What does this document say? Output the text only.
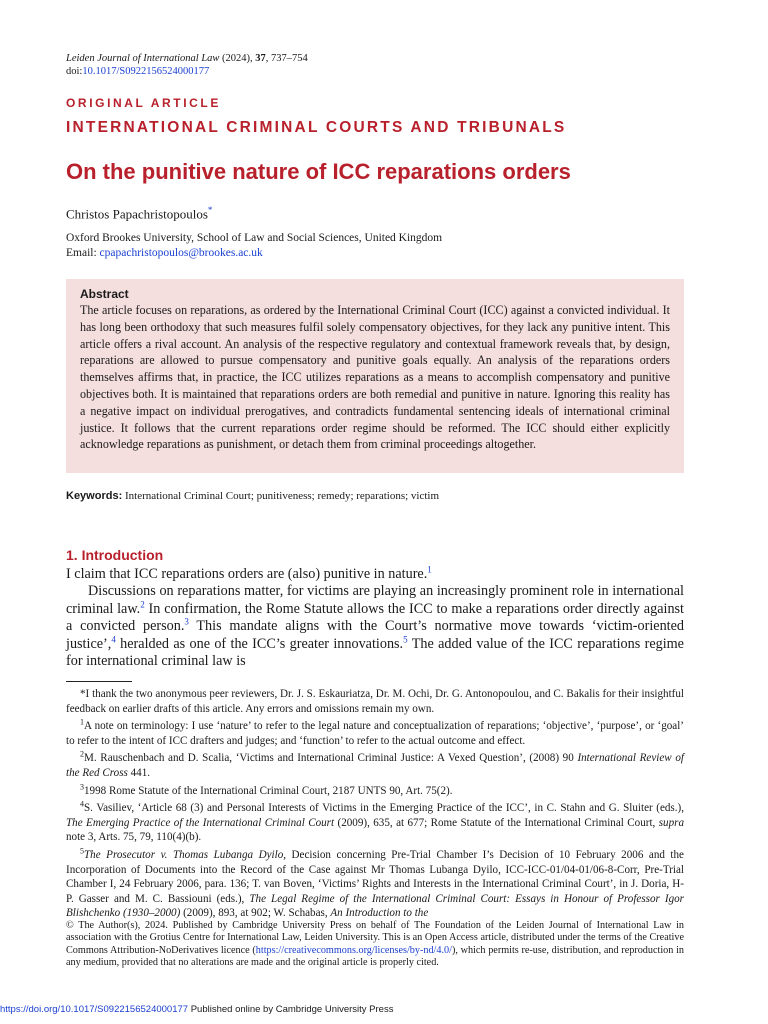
Leiden Journal of International Law (2024), 37, 737–754
doi:10.1017/S0922156524000177
ORIGINAL ARTICLE
INTERNATIONAL CRIMINAL COURTS AND TRIBUNALS
On the punitive nature of ICC reparations orders
Christos Papachristopoulos*
Oxford Brookes University, School of Law and Social Sciences, United Kingdom
Email: cpapachristopoulos@brookes.ac.uk
Abstract

The article focuses on reparations, as ordered by the International Criminal Court (ICC) against a convicted individual. It has long been orthodoxy that such measures fulfil solely compensatory objectives, for they lack any punitive intent. This article offers a rival account. An analysis of the respective regulatory and contextual framework reveals that, by design, reparations are allowed to pursue compensatory and punitive goals equally. An analysis of the reparations orders themselves affirms that, in practice, the ICC utilizes reparations as a means to accomplish compensatory and punitive objectives both. It is maintained that reparations orders are both remedial and punitive in nature. Ignoring this reality has a negative impact on individual prerogatives, and contradicts fundamental sentencing ideals of international criminal justice. It follows that the current reparations order regime should be reformed. The ICC should either explicitly acknowledge reparations as punishment, or detach them from criminal proceedings altogether.

Keywords: International Criminal Court; punitiveness; remedy; reparations; victim
1. Introduction

I claim that ICC reparations orders are (also) punitive in nature.$^1$

Discussions on reparations matter, for victims are playing an increasingly prominent role in international criminal law.$^2$ In confirmation, the Rome Statute allows the ICC to make a reparations order directly against a convicted person.$^3$ This mandate aligns with the Court’s normative move towards ‘victim-oriented justice’,$^4$ heralded as one of the ICC’s greater innovations.$^5$ The added value of the ICC reparations regime for international criminal law is

*I thank the two anonymous peer reviewers, Dr. J. S. Eskauriatza, Dr. M. Ochi, Dr. G. Antonopoulou, and C. Bakalis for their insightful feedback on earlier drafts of this article. Any errors and omissions remain my own.

$^1$A note on terminology: I use ‘nature’ to refer to the legal nature and conceptualization of reparations; ‘objective’, ‘purpose’, or ‘goal’ to refer to the intent of ICC drafters and judges; and ‘function’ to refer to the actual outcome and effect.

$^2$M. Rauschenbach and D. Scalia, ‘Victims and International Criminal Justice: A Vexed Question’, (2008) 90 International Review of the Red Cross 441.

$^3$1998 Rome Statute of the International Criminal Court, 2187 UNTS 90, Art. 75(2).

$^4$S. Vasiliev, ‘Article 68 (3) and Personal Interests of Victims in the Emerging Practice of the ICC’, in C. Stahn and G. Sluiter (eds.), The Emerging Practice of the International Criminal Court (2009), 635, at 677; Rome Statute of the International Criminal Court, supra note 3, Arts. 75, 79, 110(4)(b).

$^5$The Prosecutor v. Thomas Lubanga Dyilo, Decision concerning Pre-Trial Chamber I’s Decision of 10 February 2006 and the Incorporation of Documents into the Record of the Case against Mr Thomas Lubanga Dyilo, ICC-ICC-01/04-01/06-8-Corr, Pre-Trial Chamber I, 24 February 2006, para. 136; T. van Boven, ‘Victims’ Rights and Interests in the International Criminal Court’, in J. Doria, H-P. Gasser and M. C. Bassiouni (eds.), The Legal Regime of the International Criminal Court: Essays in Honour of Professor Igor Blishchenko (1930–2000) (2009), 893, at 902; W. Schabas, An Introduction to the

© The Author(s), 2024. Published by Cambridge University Press on behalf of The Foundation of the Leiden Journal of International Law in association with the Grotius Centre for International Law, Leiden University. This is an Open Access article, distributed under the terms of the Creative Commons Attribution-NoDerivatives licence (https://creativecommons.org/licenses/by-nd/4.0/), which permits re-use, distribution, and reproduction in any medium, provided that no alterations are made and the original article is properly cited.

https://doi.org/10.1017/S0922156524000177 Published online by Cambridge University Press
